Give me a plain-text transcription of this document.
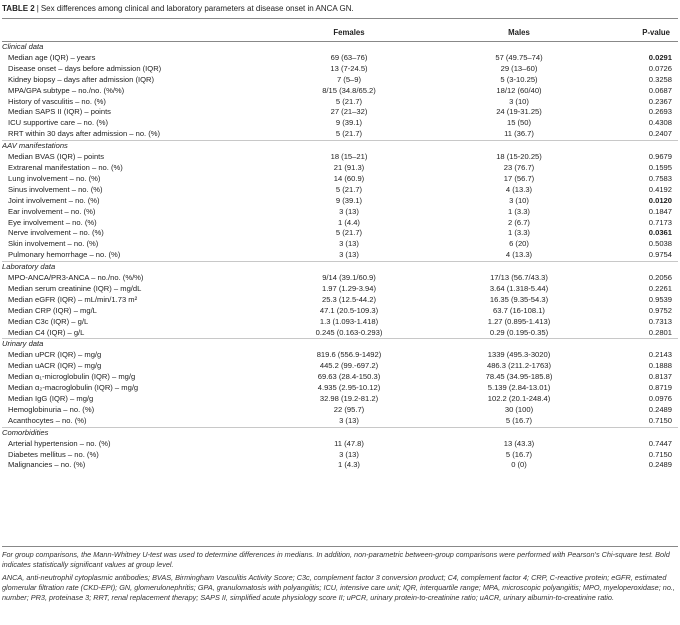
TABLE 2 | Sex differences among clinical and laboratory parameters at disease onset in ANCA GN.
	Females	Males	P-value
Clinical data			
Median age (IQR) – years	69 (63–76)	57 (49.75–74)	0.0291
Disease onset – days before admission (IQR)	13 (7-24.5)	29 (13–60)	0.0726
Kidney biopsy – days after admission (IQR)	7 (5–9)	5 (3-10.25)	0.3258
MPA/GPA subtype – no./no. (%/%)	8/15 (34.8/65.2)	18/12 (60/40)	0.0687
History of vasculitis – no. (%)	5 (21.7)	3 (10)	0.2367
Median SAPS II (IQR) – points	27 (21–32)	24 (19-31.25)	0.2693
ICU supportive care – no. (%)	9 (39.1)	15 (50)	0.4308
RRT within 30 days after admission – no. (%)	5 (21.7)	11 (36.7)	0.2407
AAV manifestations			
Median BVAS (IQR) – points	18 (15–21)	18 (15-20.25)	0.9679
Extrarenal manifestation – no. (%)	21 (91.3)	23 (76.7)	0.1595
Lung involvement – no. (%)	14 (60.9)	17 (56.7)	0.7583
Sinus involvement – no. (%)	5 (21.7)	4 (13.3)	0.4192
Joint involvement – no. (%)	9 (39.1)	3 (10)	0.0120
Ear involvement – no. (%)	3 (13)	1 (3.3)	0.1847
Eye involvement – no. (%)	1 (4.4)	2 (6.7)	0.7173
Nerve involvement – no. (%)	5 (21.7)	1 (3.3)	0.0361
Skin involvement – no. (%)	3 (13)	6 (20)	0.5038
Pulmonary hemorrhage – no. (%)	3 (13)	4 (13.3)	0.9754
Laboratory data			
MPO-ANCA/PR3-ANCA – no./no. (%/%)	9/14 (39.1/60.9)	17/13 (56.7/43.3)	0.2056
Median serum creatinine (IQR) – mg/dL	1.97 (1.29-3.94)	3.64 (1.318-5.44)	0.2261
Median eGFR (IQR) – mL/min/1.73 m²	25.3 (12.5-44.2)	16.35 (9.35-54.3)	0.9539
Median CRP (IQR) – mg/L	47.1 (20.5-109.3)	63.7 (16-108.1)	0.9752
Median C3c (IQR) – g/L	1.3 (1.093-1.418)	1.27 (0.895-1.413)	0.7313
Median C4 (IQR) – g/L	0.245 (0.163-0.293)	0.29 (0.195-0.35)	0.2801
Urinary data			
Median uPCR (IQR) – mg/g	819.6 (556.9-1492)	1339 (495.3-3020)	0.2143
Median uACR (IQR) – mg/g	445.2 (99.-697.2)	486.3 (211.2-1763)	0.1888
Median α₁-microglobulin (IQR) – mg/g	69.63 (28.4-150.3)	78.45 (34.95-185.8)	0.8137
Median α₂-macroglobulin (IQR) – mg/g	4.935 (2.95-10.12)	5.139 (2.84-13.01)	0.8719
Median IgG (IQR) – mg/g	32.98 (19.2-81.2)	102.2 (20.1-248.4)	0.0976
Hemoglobinuria – no. (%)	22 (95.7)	30 (100)	0.2489
Acanthocytes – no. (%)	3 (13)	5 (16.7)	0.7150
Comorbidities			
Arterial hypertension – no. (%)	11 (47.8)	13 (43.3)	0.7447
Diabetes mellitus – no. (%)	3 (13)	5 (16.7)	0.7150
Malignancies – no. (%)	1 (4.3)	0 (0)	0.2489
For group comparisons, the Mann-Whitney U-test was used to determine differences in medians. In addition, non-parametric between-group comparisons were performed with Pearson's Chi-square test. Bold indicates statistically significant values at group level.
ANCA, anti-neutrophil cytoplasmic antibodies; BVAS, Birmingham Vasculitis Activity Score; C3c, complement factor 3 conversion product; C4, complement factor 4; CRP, C-reactive protein; eGFR, estimated glomerular filtration rate (CKD-EPI); GN, glomerulonephritis; GPA, granulomatosis with polyangiitis; ICU, intensive care unit; IQR, interquartile range; MPA, microscopic polyangiitis; MPO, myeloperoxidase; no., number; PR3, proteinase 3; RRT, renal replacement therapy; SAPS II, simplified acute physiology score II; uPCR, urinary protein-to-creatinine ratio; uACR, urinary albumin-to-creatinine ratio.
